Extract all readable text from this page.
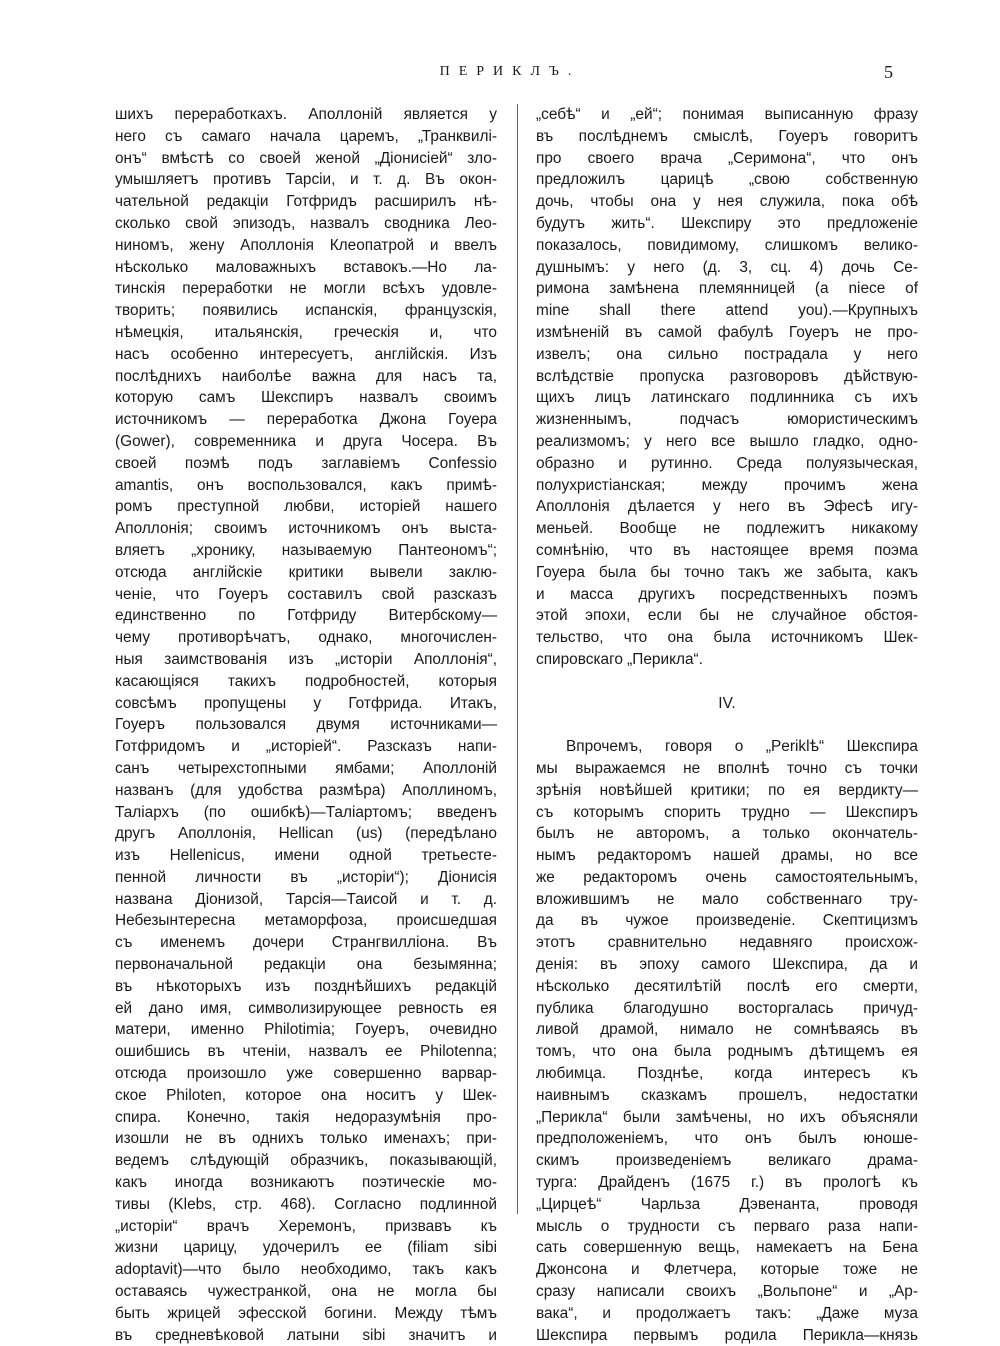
ПЕРИКЛЪ.	5
шихъ переработкахъ. Аполлоній является у
него съ самаго начала царемъ, „Транквилі-
онъ“ вмѣстѣ со своей женой „Діонисіей“ зло-
умышляетъ противъ Тарсіи, и т. д. Въ окон-
чательной редакціи Готфридъ расширилъ нѣ-
сколько свой эпизодъ, назвалъ сводника Лео-
ниномъ, жену Аполлонія Клеопатрой и ввелъ
нѣсколько маловажныхъ вставокъ.—Но ла-
тинскія переработки не могли всѣхъ удовле-
творить; появились испанскія, французскія,
нѣмецкія, итальянскія, греческія и, что
насъ особенно интересуетъ, англійскія. Изъ
послѣднихъ наиболѣе важна для насъ та,
которую самъ Шекспиръ назвалъ своимъ
источникомъ — переработка Джона Гоуера
(Gower), современника и друга Чосера. Въ
своей поэмѣ подъ заглавіемъ Confessio
amantis, онъ воспользовался, какъ примѣ-
ромъ преступной любви, исторіей нашего
Аполлонія; своимъ источникомъ онъ выста-
вляетъ „хронику, называемую Пантеономъ“;
отсюда англійскіе критики вывели заклю-
ченіе, что Гоуеръ составилъ свой разсказъ
единственно по Готфриду Витербскому—
чему противорѣчатъ, однако, многочислен-
ныя заимствованія изъ „исторіи Аполлонія“,
касающіяся такихъ подробностей, которыя
совсѣмъ пропущены у Готфрида. Итакъ,
Гоуеръ пользовался двумя источниками—
Готфридомъ и „исторіей“. Разсказъ напи-
санъ четырехстопными ямбами; Аполлоній
названъ (для удобства размѣра) Аполлиномъ,
Таліархъ (по ошибкѣ)—Таліартомъ; введенъ
другъ Аполлонія, Hellican (us) (передѣлано
изъ Hellenicus, имени одной третьесте-
пенной личности въ „исторіи“); Діонисія
названа Діонизой, Тарсія—Таисой и т. д.
Небезынтересна метаморфоза, происшедшая
съ именемъ дочери Странгвилліона. Въ
первоначальной редакціи она безымянна;
въ нѣкоторыхъ изъ позднѣйшихъ редакцій
ей дано имя, символизирующее ревность ея
матери, именно Philotimia; Гоуеръ, очевидно
ошибшись въ чтеніи, назвалъ ее Philotenna;
отсюда произошло уже совершенно варвар-
ское Philoten, которое она носитъ у Шек-
спира. Конечно, такія недоразумѣнія про-
изошли не въ однихъ только именахъ; при-
ведемъ слѣдующій образчикъ, показывающій,
какъ иногда возникаютъ поэтическіе мо-
тивы (Klebs, стр. 468). Согласно подлинной
„исторіи“ врачъ Херемонъ, призвавъ къ
жизни царицу, удочерилъ ее (filiam sibi
adoptavit)—что было необходимо, такъ какъ
оставаясь чужестранкой, она не могла бы
быть жрицей эфесской богини. Между тѣмъ
въ средневѣковой латыни sibi значитъ и
„себѣ“ и „ей“; понимая выписанную фразу
въ послѣднемъ смыслѣ, Гоуеръ говоритъ
про своего врача „Серимона“, что онъ
предложилъ царицѣ „свою собственную
дочь, чтобы она у нея служила, пока обѣ
будутъ жить“. Шекспиру это предложеніе
показалось, повидимому, слишкомъ велико-
душнымъ: у него (д. 3, сц. 4) дочь Се-
римона замѣнена племянницей (a niece of
mine shall there attend you).—Крупныхъ
измѣненій въ самой фабулѣ Гоуеръ не про-
извелъ; она сильно пострадала у него
вслѣдствіе пропуска разговоровъ дѣйствую-
щихъ лицъ латинскаго подлинника съ ихъ
жизненнымъ, подчасъ юмористическимъ
реализмомъ; у него все вышло гладко, одно-
образно и рутинно. Среда полуязыческая,
полухристіанская; между прочимъ жена
Аполлонія дѣлается у него въ Эфесѣ игу-
меньей. Вообще не подлежитъ никакому
сомнѣнію, что въ настоящее время поэма
Гоуера была бы точно такъ же забыта, какъ
и масса другихъ посредственныхъ поэмъ
этой эпохи, если бы не случайное обстоя-
тельство, что она была источникомъ Шек-
спировскаго „Перикла“.
IV.
Впрочемъ, говоря о „Periklѣ“ Шекспира
мы выражаемся не вполнѣ точно съ точки
зрѣнія новѣйшей критики; по ея вердикту—
съ которымъ спорить трудно — Шекспиръ
былъ не авторомъ, а только окончатель-
нымъ редакторомъ нашей драмы, но все
же редакторомъ очень самостоятельнымъ,
вложившимъ не мало собственнаго тру-
да въ чужое произведеніе. Скептицизмъ
этотъ сравнительно недавняго происхож-
денія: въ эпоху самого Шекспира, да и
нѣсколько десятилѣтій послѣ его смерти,
публика благодушно восторгалась причуд-
ливой драмой, нимало не сомнѣваясь въ
томъ, что она была роднымъ дѣтищемъ ея
любимца. Позднѣе, когда интересъ къ
наивнымъ сказкамъ прошелъ, недостатки
„Перикла“ были замѣчены, но ихъ объясняли
предположеніемъ, что онъ былъ юноше-
скимъ произведеніемъ великаго драма-
турга: Драйденъ (1675 г.) въ прологѣ къ
„Цирцеѣ“ Чарльза Дэвенанта, проводя
мысль о трудности съ перваго раза напи-
сать совершенную вещь, намекаетъ на Бена
Джонсона и Флетчера, которые тоже не
сразу написали своихъ „Вольпоне“ и „Ар-
вака“, и продолжаетъ такъ: „Даже муза
Шекспира первымъ родила Перикла—князь
